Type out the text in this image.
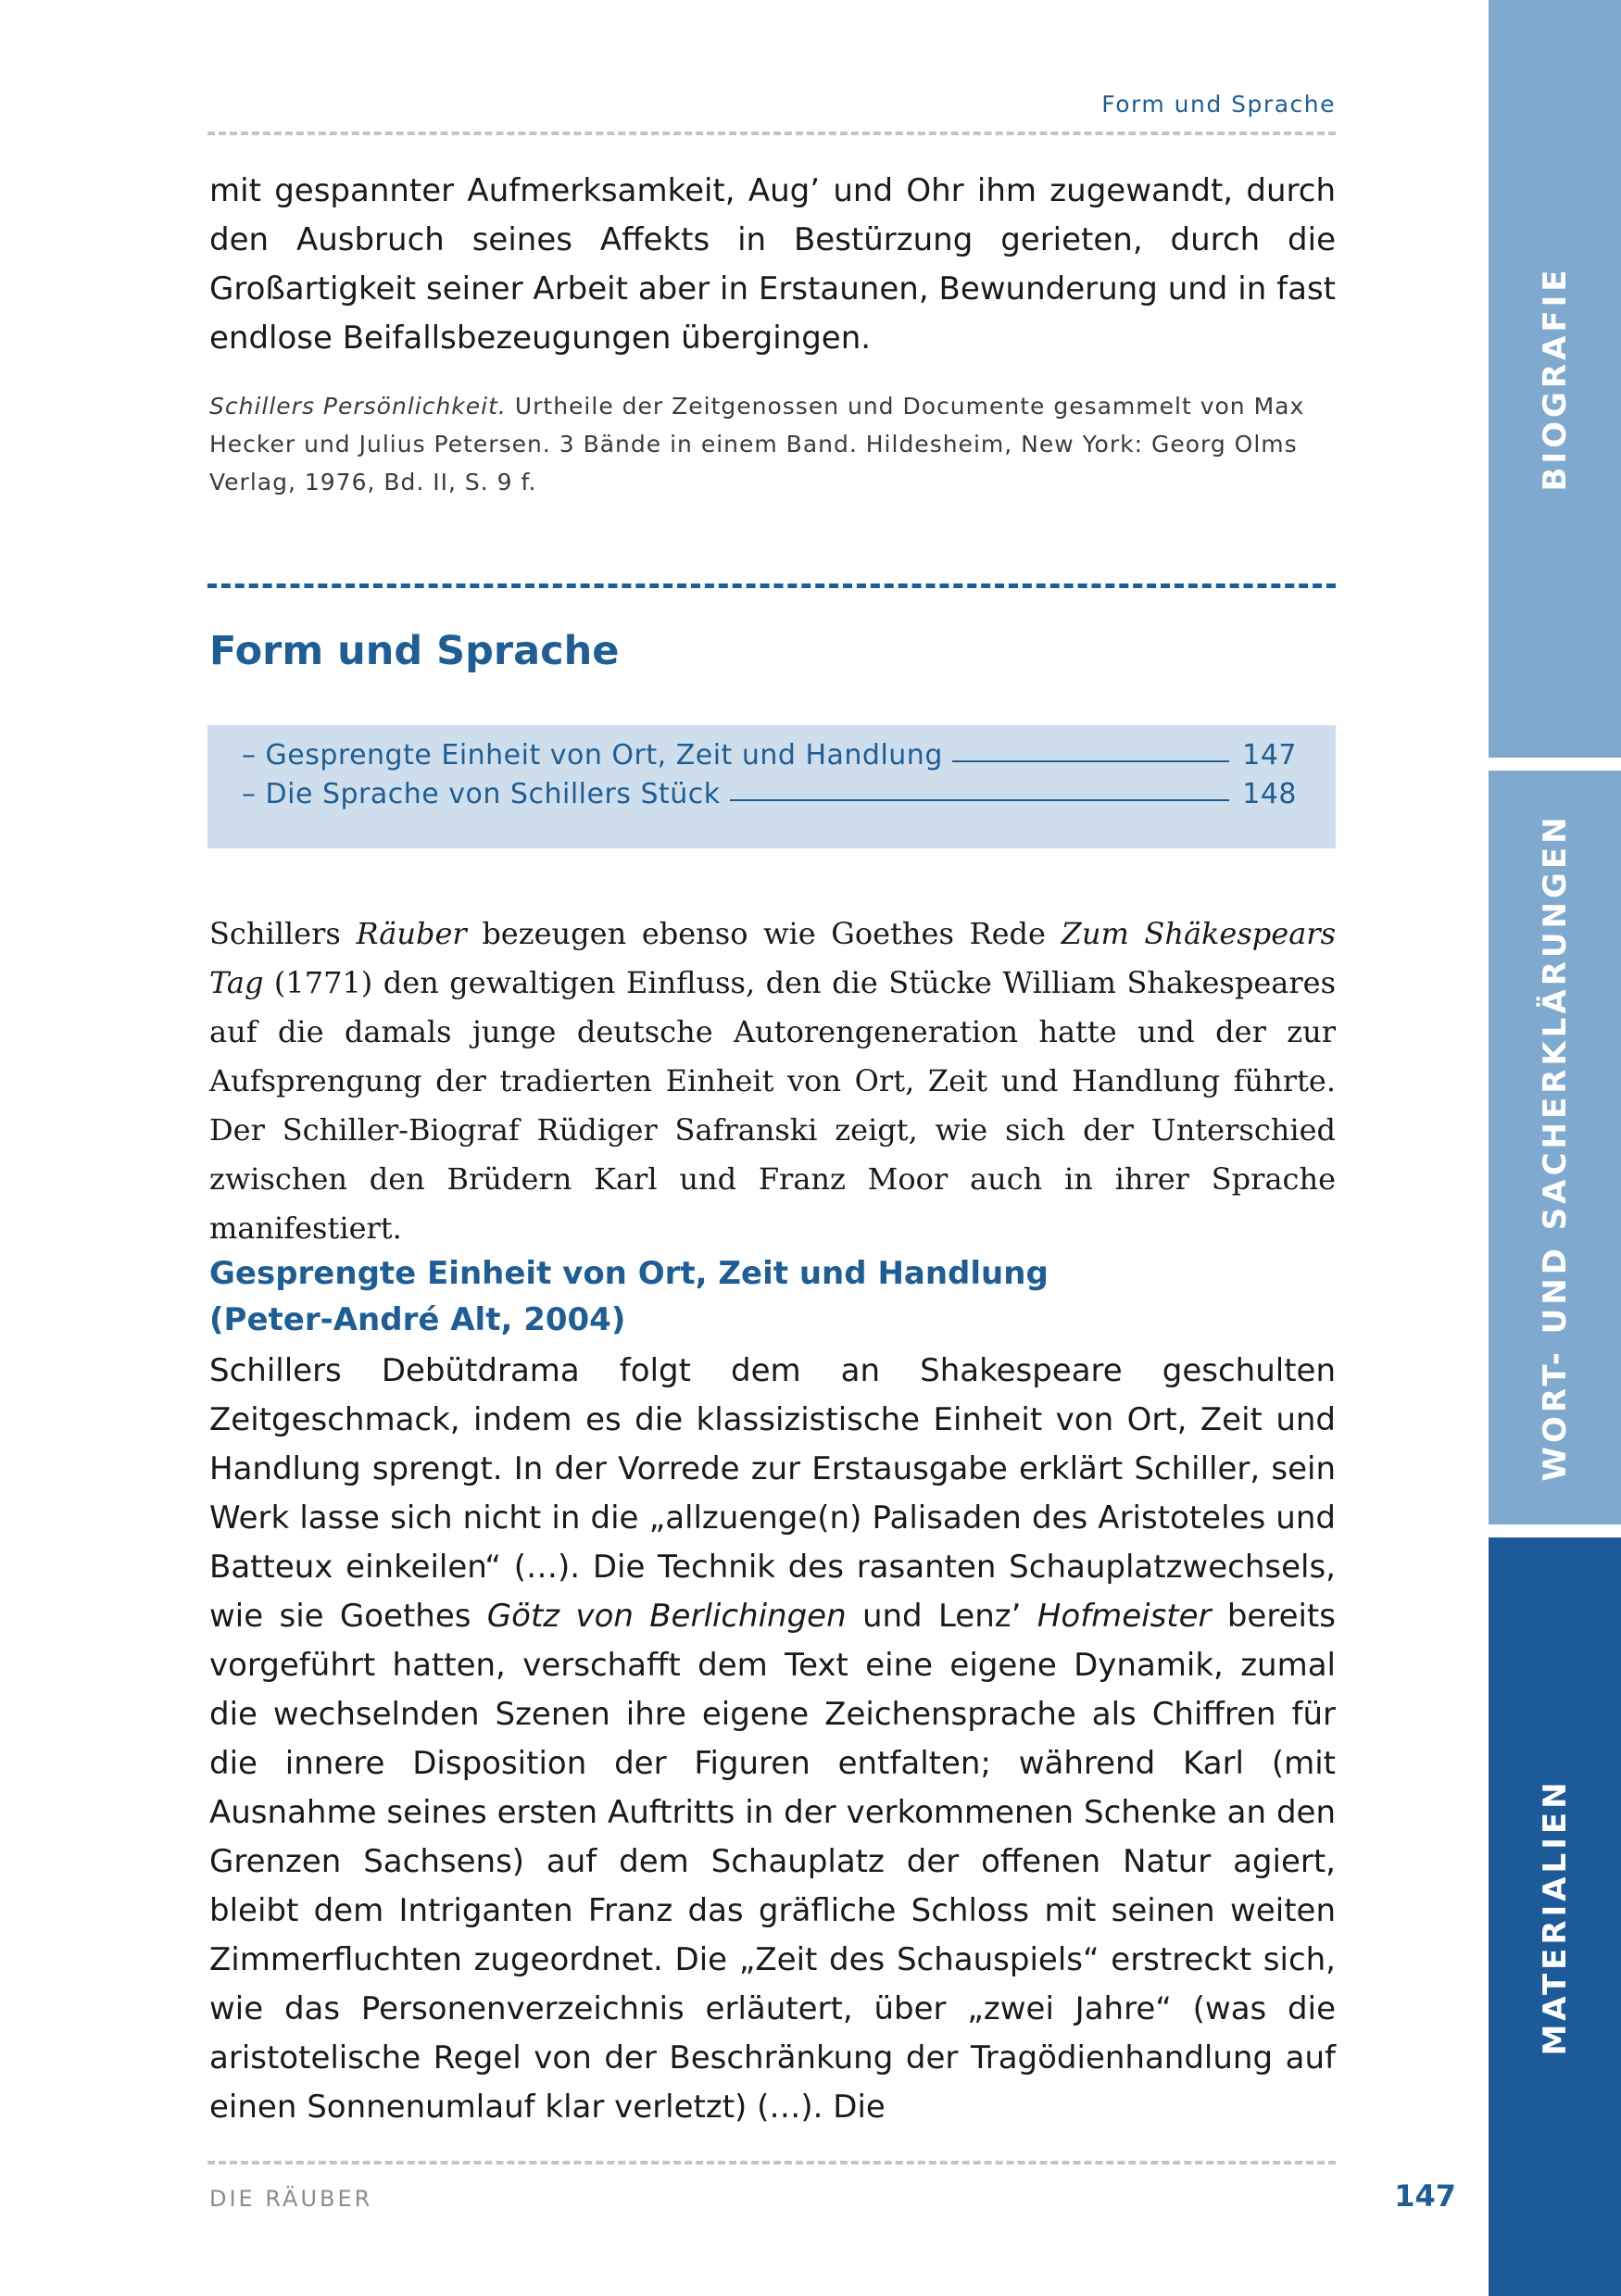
Form und Sprache
mit gespannter Aufmerksamkeit, Aug’ und Ohr ihm zugewandt, durch den Ausbruch seines Affekts in Bestürzung gerieten, durch die Großartigkeit seiner Arbeit aber in Erstaunen, Bewunderung und in fast endlose Beifallsbezeugungen übergingen.
Schillers Persönlichkeit. Urtheile der Zeitgenossen und Documente gesammelt von Max Hecker und Julius Petersen. 3 Bände in einem Band. Hildesheim, New York: Georg Olms Verlag, 1976, Bd. II, S. 9 f.
Form und Sprache
– Gesprengte Einheit von Ort, Zeit und Handlung	147
– Die Sprache von Schillers Stück	148
Schillers Räuber bezeugen ebenso wie Goethes Rede Zum Shäkespears Tag (1771) den gewaltigen Einfluss, den die Stücke William Shakespeares auf die damals junge deutsche Autorengeneration hatte und der zur Aufsprengung der tradierten Einheit von Ort, Zeit und Handlung führte. Der Schiller-Biograf Rüdiger Safranski zeigt, wie sich der Unterschied zwischen den Brüdern Karl und Franz Moor auch in ihrer Sprache manifestiert.
Gesprengte Einheit von Ort, Zeit und Handlung
(Peter-André Alt, 2004)
Schillers Debütdrama folgt dem an Shakespeare geschulten Zeitgeschmack, indem es die klassizistische Einheit von Ort, Zeit und Handlung sprengt. In der Vorrede zur Erstausgabe erklärt Schiller, sein Werk lasse sich nicht in die „allzuenge(n) Palisaden des Aristoteles und Batteux einkeilen“ (…). Die Technik des rasanten Schauplatzwechsels, wie sie Goethes Götz von Berlichingen und Lenz’ Hofmeister bereits vorgeführt hatten, verschafft dem Text eine eigene Dynamik, zumal die wechselnden Szenen ihre eigene Zeichensprache als Chiffren für die innere Disposition der Figuren entfalten; während Karl (mit Ausnahme seines ersten Auftritts in der verkommenen Schenke an den Grenzen Sachsens) auf dem Schauplatz der offenen Natur agiert, bleibt dem Intriganten Franz das gräfliche Schloss mit seinen weiten Zimmerfluchten zugeordnet. Die „Zeit des Schauspiels“ erstreckt sich, wie das Personenverzeichnis erläutert, über „zwei Jahre“ (was die aristotelische Regel von der Beschränkung der Tragödienhandlung auf einen Sonnenumlauf klar verletzt) (…). Die
DIE RÄUBER	147
BIOGRAFIE
WORT- UND SACHERKLÄRUNGEN
MATERIALIEN
